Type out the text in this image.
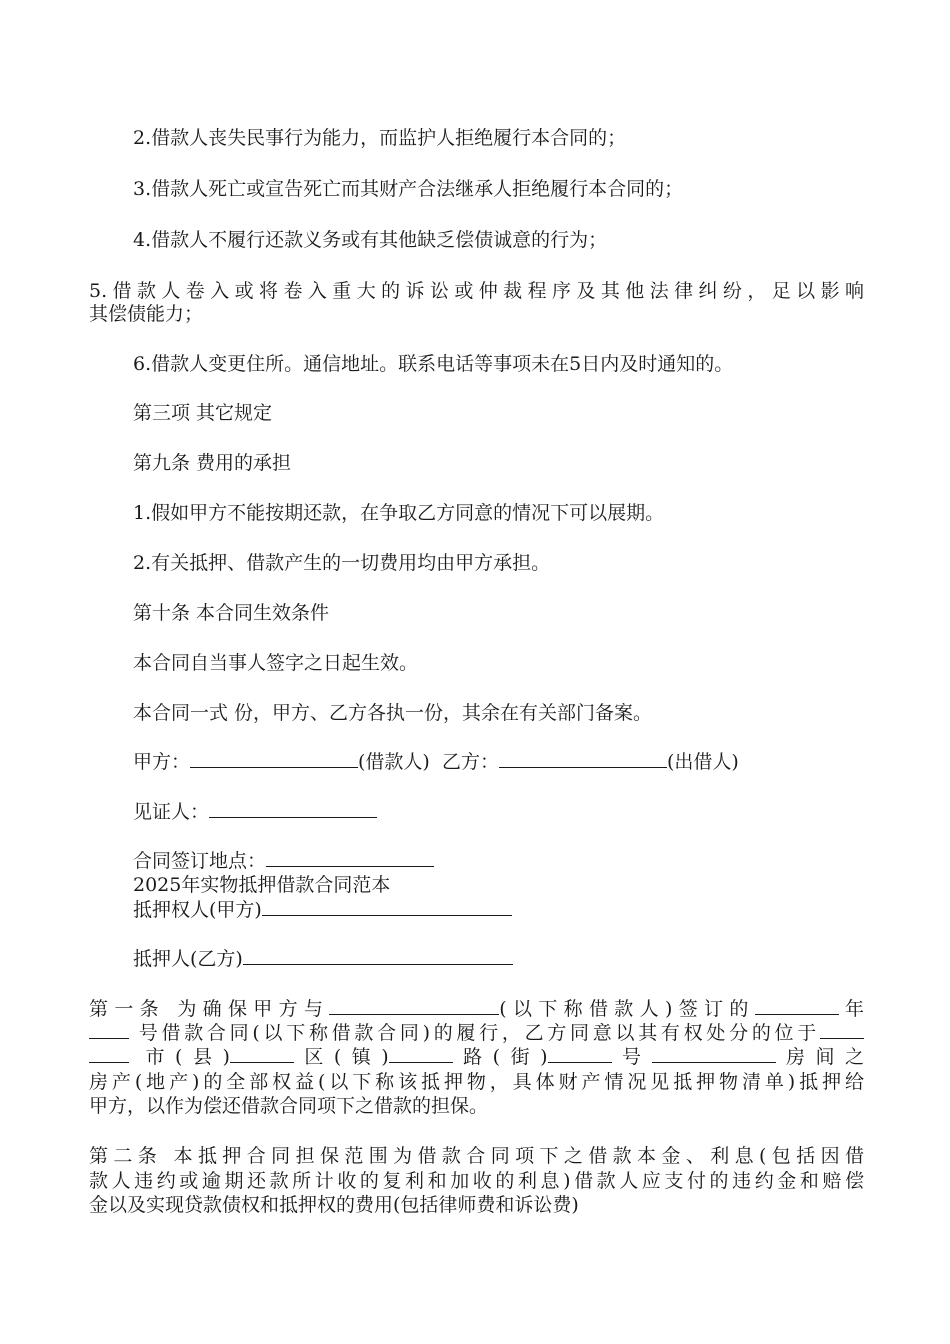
2.借款人丧失民事行为能力，而监护人拒绝履行本合同的；

3.借款人死亡或宣告死亡而其财产合法继承人拒绝履行本合同的；

4.借款人不履行还款义务或有其他缺乏偿债诚意的行为；

5.借款人卷入或将卷入重大的诉讼或仲裁程序及其他法律纠纷，足以影响

其偿债能力；

6.借款人变更住所。通信地址。联系电话等事项未在5日内及时通知的。

第三项 其它规定

第九条 费用的承担

1.假如甲方不能按期还款，在争取乙方同意的情况下可以展期。

2.有关抵押、借款产生的一切费用均由甲方承担。

第十条 本合同生效条件

本合同自当事人签字之日起生效。

本合同一式 份，甲方、乙方各执一份，其余在有关部门备案。

甲方：	(借款人) 乙方：	(出借人)

见证人：

合同签订地点：

2025年实物抵押借款合同范本

抵押权人(甲方)

抵押人(乙方)

第一条 为确保甲方与	(以下称借款人)签订的	年

号借款合同(以下称借款合同)的履行，乙方同意以其有权处分的位于

市(县)	区(镇)	路(街)	号	房间之

房产(地产)的全部权益(以下称该抵押物，具体财产情况见抵押物清单)抵押给

甲方，以作为偿还借款合同项下之借款的担保。

第二条 本抵押合同担保范围为借款合同项下之借款本金、利息(包括因借

款人违约或逾期还款所计收的复利和加收的利息)借款人应支付的违约金和赔偿

金以及实现贷款债权和抵押权的费用(包括律师费和诉讼费)
